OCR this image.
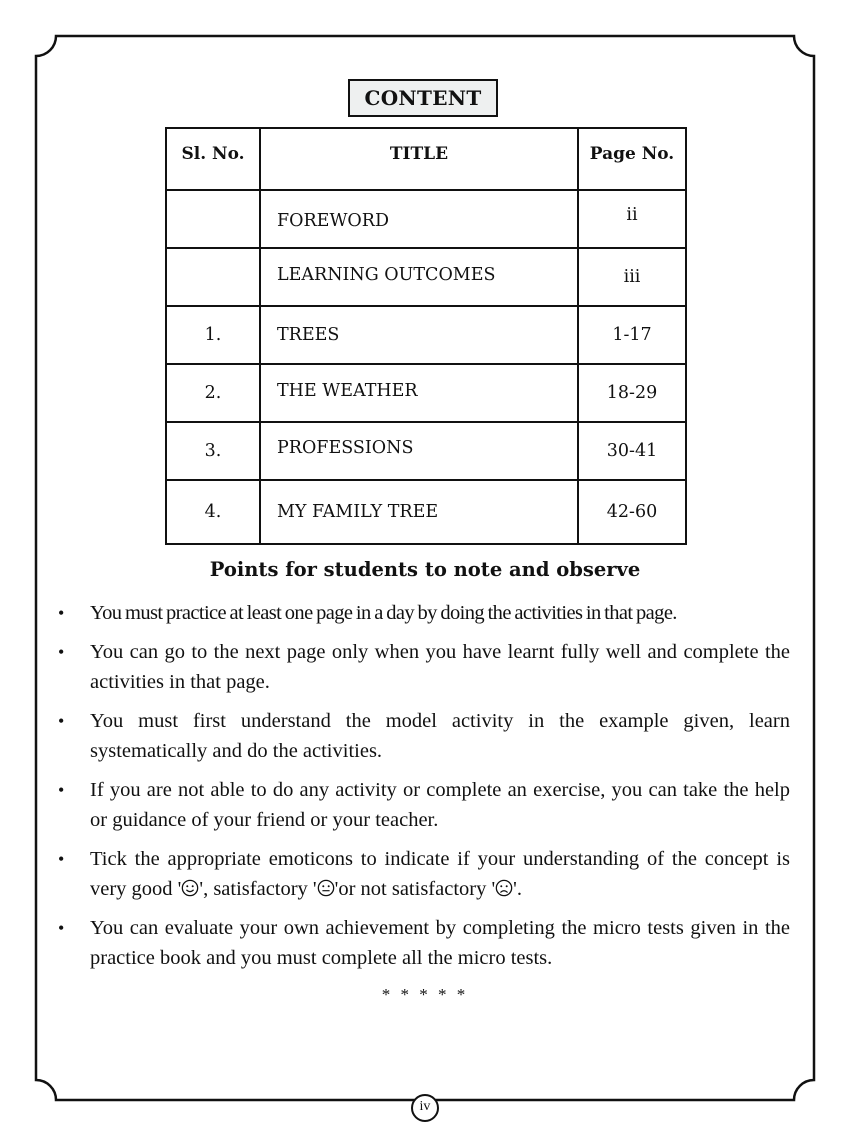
CONTENT
Sl. No.	TITLE	Page No.
	FOREWORD	ii
	LEARNING OUTCOMES	iii
1.	TREES	1-17
2.	THE WEATHER	18-29
3.	PROFESSIONS	30-41
4.	MY FAMILY TREE	42-60
Points for students to note and observe
•	You must practice at least one page in a day by doing the activities in that page.
• You can go to the next page only when you have learnt fully well and complete the activities in that page.
• You must first understand the model activity in the example given, learn systematically and do the activities.
• If you are not able to do any activity or complete an exercise, you can take the help or guidance of your friend or your teacher.
• Tick the appropriate emoticons to indicate if your understanding of the concept is very good ' ', satisfactory ' 'or not satisfactory ' '.
• You can evaluate your own achievement by completing the micro tests given in the practice book and you must complete all the micro tests.
* * * * *
iv
